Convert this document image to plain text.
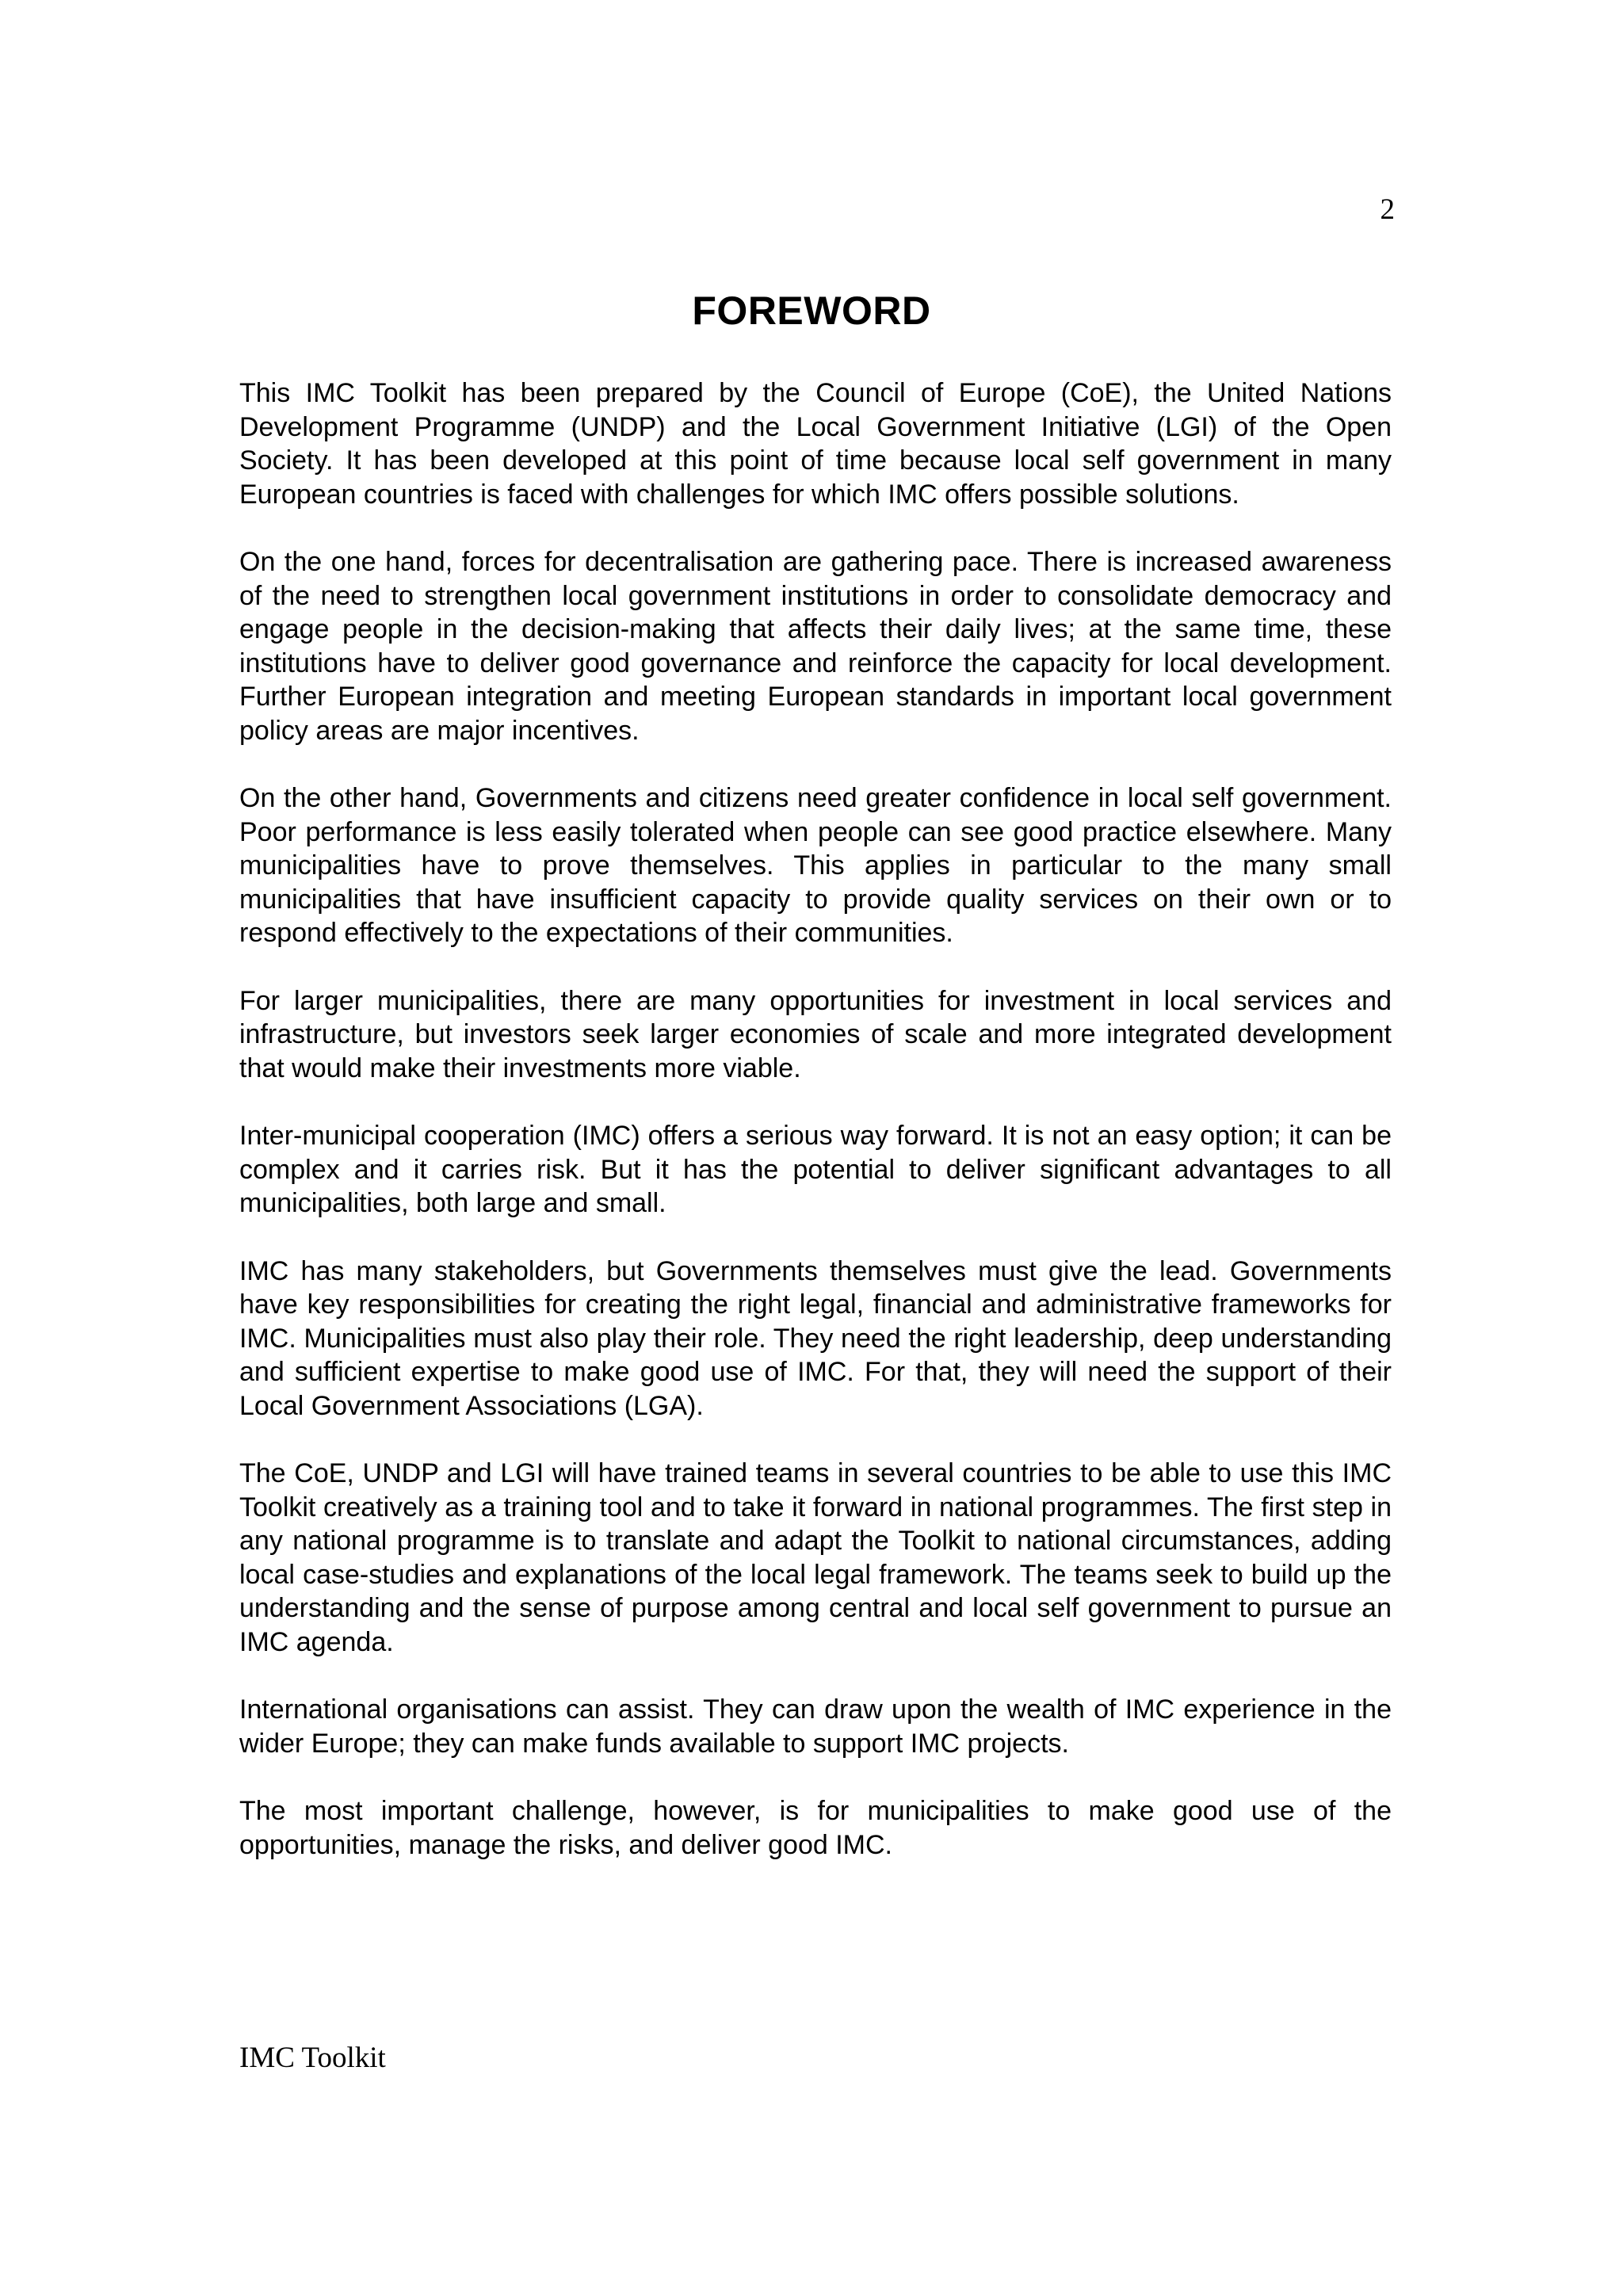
2
FOREWORD

This IMC Toolkit has been prepared by the Council of Europe (CoE), the United Nations Development Programme (UNDP) and the Local Government Initiative (LGI) of the Open Society. It has been developed at this point of time because local self government in many European countries is faced with challenges for which IMC offers possible solutions.

On the one hand, forces for decentralisation are gathering pace. There is increased awareness of the need to strengthen local government institutions in order to consolidate democracy and engage people in the decision-making that affects their daily lives; at the same time, these institutions have to deliver good governance and reinforce the capacity for local development. Further European integration and meeting European standards in important local government policy areas are major incentives.

On the other hand, Governments and citizens need greater confidence in local self government. Poor performance is less easily tolerated when people can see good practice elsewhere. Many municipalities have to prove themselves. This applies in particular to the many small municipalities that have insufficient capacity to provide quality services on their own or to respond effectively to the expectations of their communities.

For larger municipalities, there are many opportunities for investment in local services and infrastructure, but investors seek larger economies of scale and more integrated development that would make their investments more viable.

Inter-municipal cooperation (IMC) offers a serious way forward. It is not an easy option; it can be complex and it carries risk. But it has the potential to deliver significant advantages to all municipalities, both large and small.

IMC has many stakeholders, but Governments themselves must give the lead. Governments have key responsibilities for creating the right legal, financial and administrative frameworks for IMC. Municipalities must also play their role. They need the right leadership, deep understanding and sufficient expertise to make good use of IMC. For that, they will need the support of their Local Government Associations (LGA).

The CoE, UNDP and LGI will have trained teams in several countries to be able to use this IMC Toolkit creatively as a training tool and to take it forward in national programmes. The first step in any national programme is to translate and adapt the Toolkit to national circumstances, adding local case-studies and explanations of the local legal framework. The teams seek to build up the understanding and the sense of purpose among central and local self government to pursue an IMC agenda.

International organisations can assist. They can draw upon the wealth of IMC experience in the wider Europe; they can make funds available to support IMC projects.

The most important challenge, however, is for municipalities to make good use of the opportunities, manage the risks, and deliver good IMC.

IMC Toolkit
